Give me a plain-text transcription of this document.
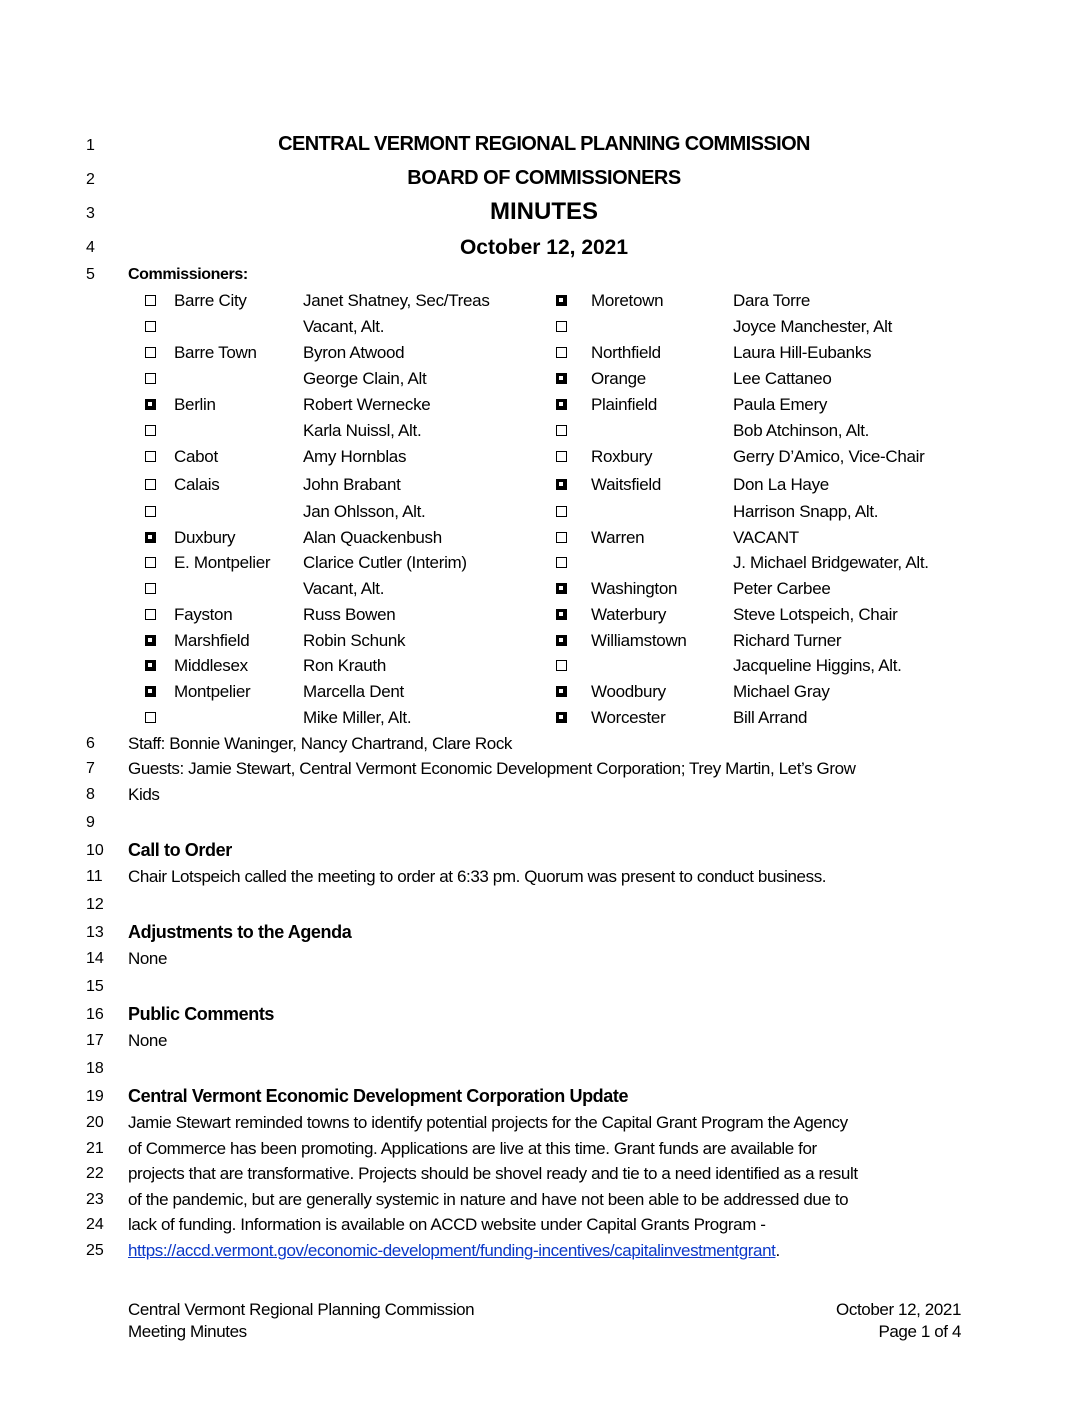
1
2
3
4
5
6
7
8
9
10
11
12
13
14
15
16
17
18
19
20
21
22
23
24
25
CENTRAL VERMONT REGIONAL PLANNING COMMISSION
BOARD OF COMMISSIONERS
MINUTES
October 12, 2021
Commissioners:
Barre City	Janet Shatney, Sec/Treas
Vacant, Alt.
Barre Town	Byron Atwood
George Clain, Alt
Berlin	Robert Wernecke
Karla Nuissl, Alt.
Cabot	Amy Hornblas
Calais	John Brabant
Jan Ohlsson, Alt.
Duxbury	Alan Quackenbush
E. Montpelier Clarice Cutler (Interim)
Vacant, Alt.
Fayston	Russ Bowen
Marshfield	Robin Schunk
Middlesex	Ron Krauth
Montpelier	Marcella Dent
Mike Miller, Alt.
Moretown	Dara Torre
Joyce Manchester, Alt
Northfield	Laura Hill-Eubanks
Orange	Lee Cattaneo
Plainfield	Paula Emery
Bob Atchinson, Alt.
Roxbury	Gerry D’Amico, Vice-Chair
Waitsfield	Don La Haye
Harrison Snapp, Alt.
Warren	VACANT
J. Michael Bridgewater, Alt.
Washington	Peter Carbee
Waterbury	Steve Lotspeich, Chair
Williamstown	Richard Turner
Jacqueline Higgins, Alt.
Woodbury	Michael Gray
Worcester	Bill Arrand
Staff: Bonnie Waninger, Nancy Chartrand, Clare Rock
Guests: Jamie Stewart, Central Vermont Economic Development Corporation; Trey Martin, Let’s Grow
Kids
Call to Order
Chair Lotspeich called the meeting to order at 6:33 pm. Quorum was present to conduct business.
Adjustments to the Agenda
None
Public Comments
None
Central Vermont Economic Development Corporation Update
Jamie Stewart reminded towns to identify potential projects for the Capital Grant Program the Agency
of Commerce has been promoting. Applications are live at this time. Grant funds are available for
projects that are transformative. Projects should be shovel ready and tie to a need identified as a result
of the pandemic, but are generally systemic in nature and have not been able to be addressed due to
lack of funding. Information is available on ACCD website under Capital Grants Program -
https://accd.vermont.gov/economic-development/funding-incentives/capitalinvestmentgrant.
Central Vermont Regional Planning Commission
Meeting Minutes
October 12, 2021
Page 1 of 4
